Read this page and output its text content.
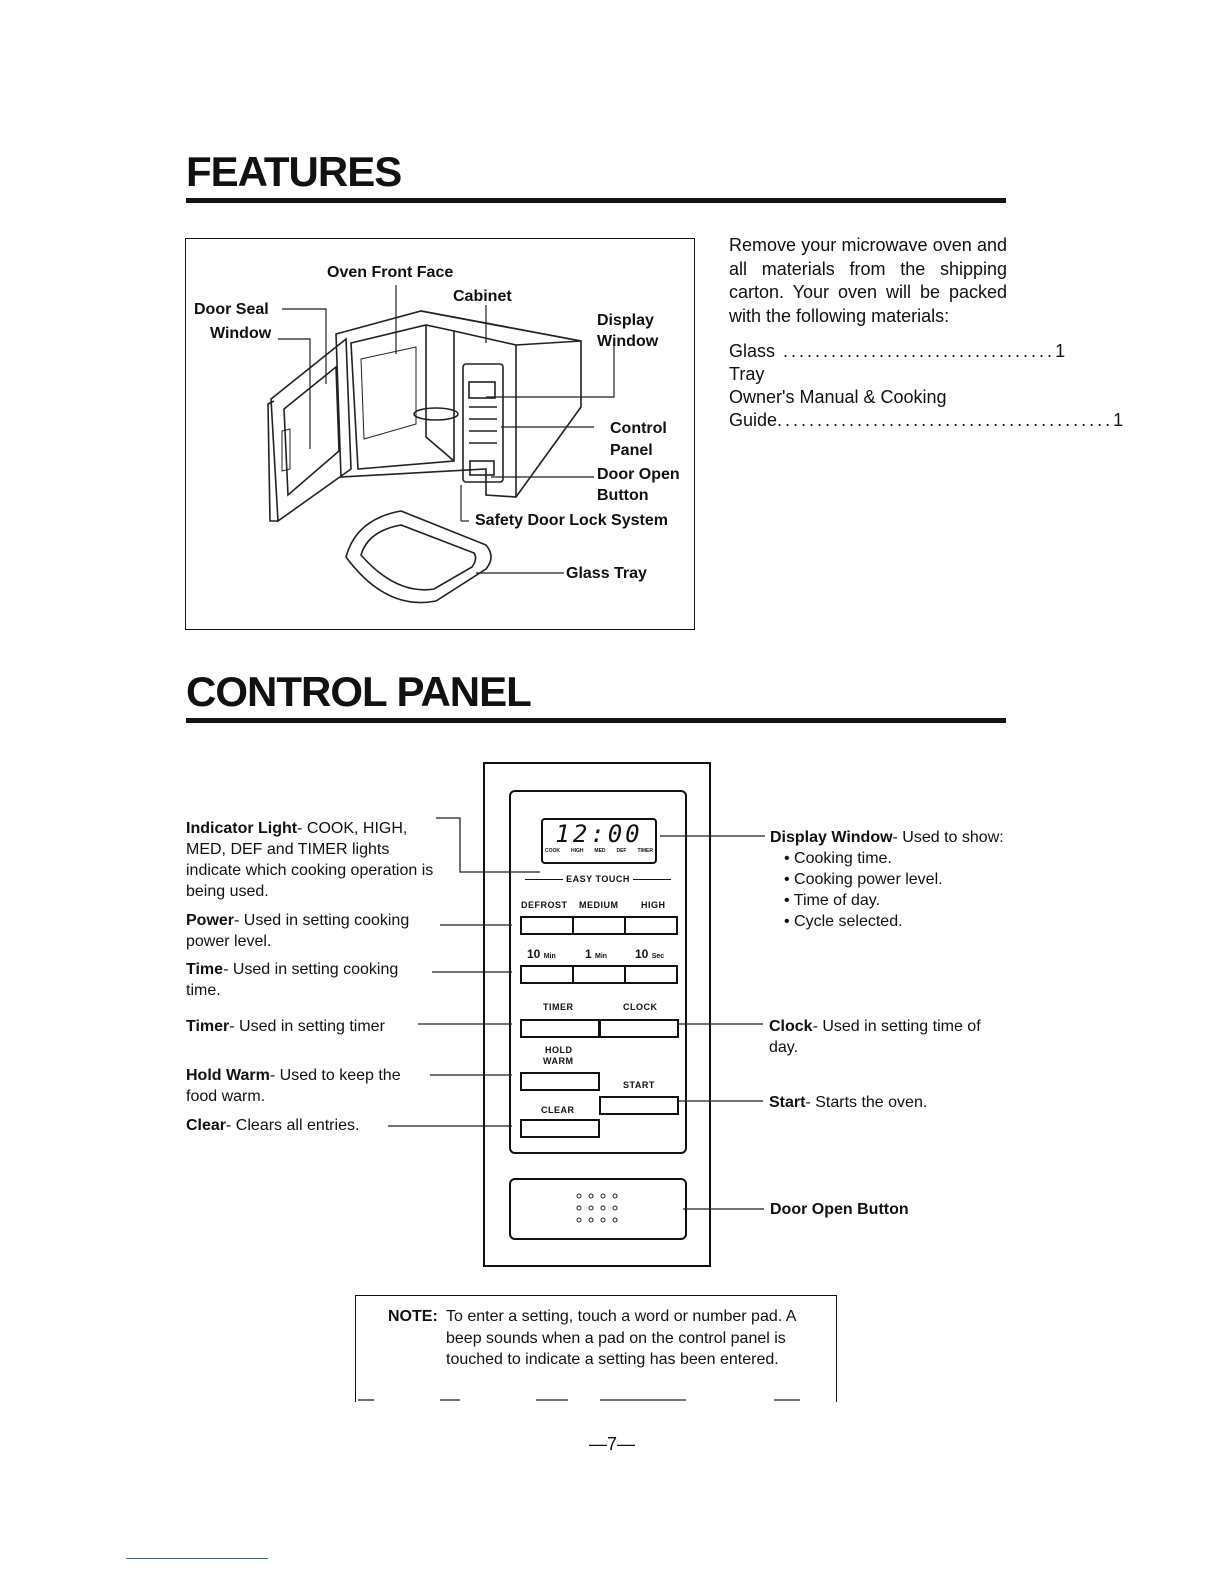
FEATURES
Oven Front Face
Cabinet
Door Seal
Window
Display
Window
Control
Panel
Door Open
Button
Safety Door Lock System
Glass Tray

Remove your microwave oven and all materials from the shipping carton. Your oven will be packed with the following materials:

Glass Tray
.................................. 1
Owner's Manual & Cooking
Guide .......................................... 1
CONTROL PANEL
12:00
COOK HIGH MED DEF TIMER
EASY TOUCH
DEFROST MEDIUM	HIGH
10 Min 1 Min 10 Sec
TIMER	CLOCK
HOLD
WARM
START
CLEAR
Indicator Light- COOK, HIGH, MED, DEF and TIMER lights indicate which cooking operation is being used.
Power- Used in setting cooking power level.
Time- Used in setting cooking time.
Timer- Used in setting timer
Hold Warm- Used to keep the food warm.
Clear- Clears all entries.
Display Window- Used to show:
• Cooking time.
• Cooking power level.
• Time of day.
• Cycle selected.
Clock- Used in setting time of day.
Start- Starts the oven.
Door Open Button
NOTE: To enter a setting, touch a word or number pad. A beep sounds when a pad on the control panel is touched to indicate a setting has been entered.
—7—
